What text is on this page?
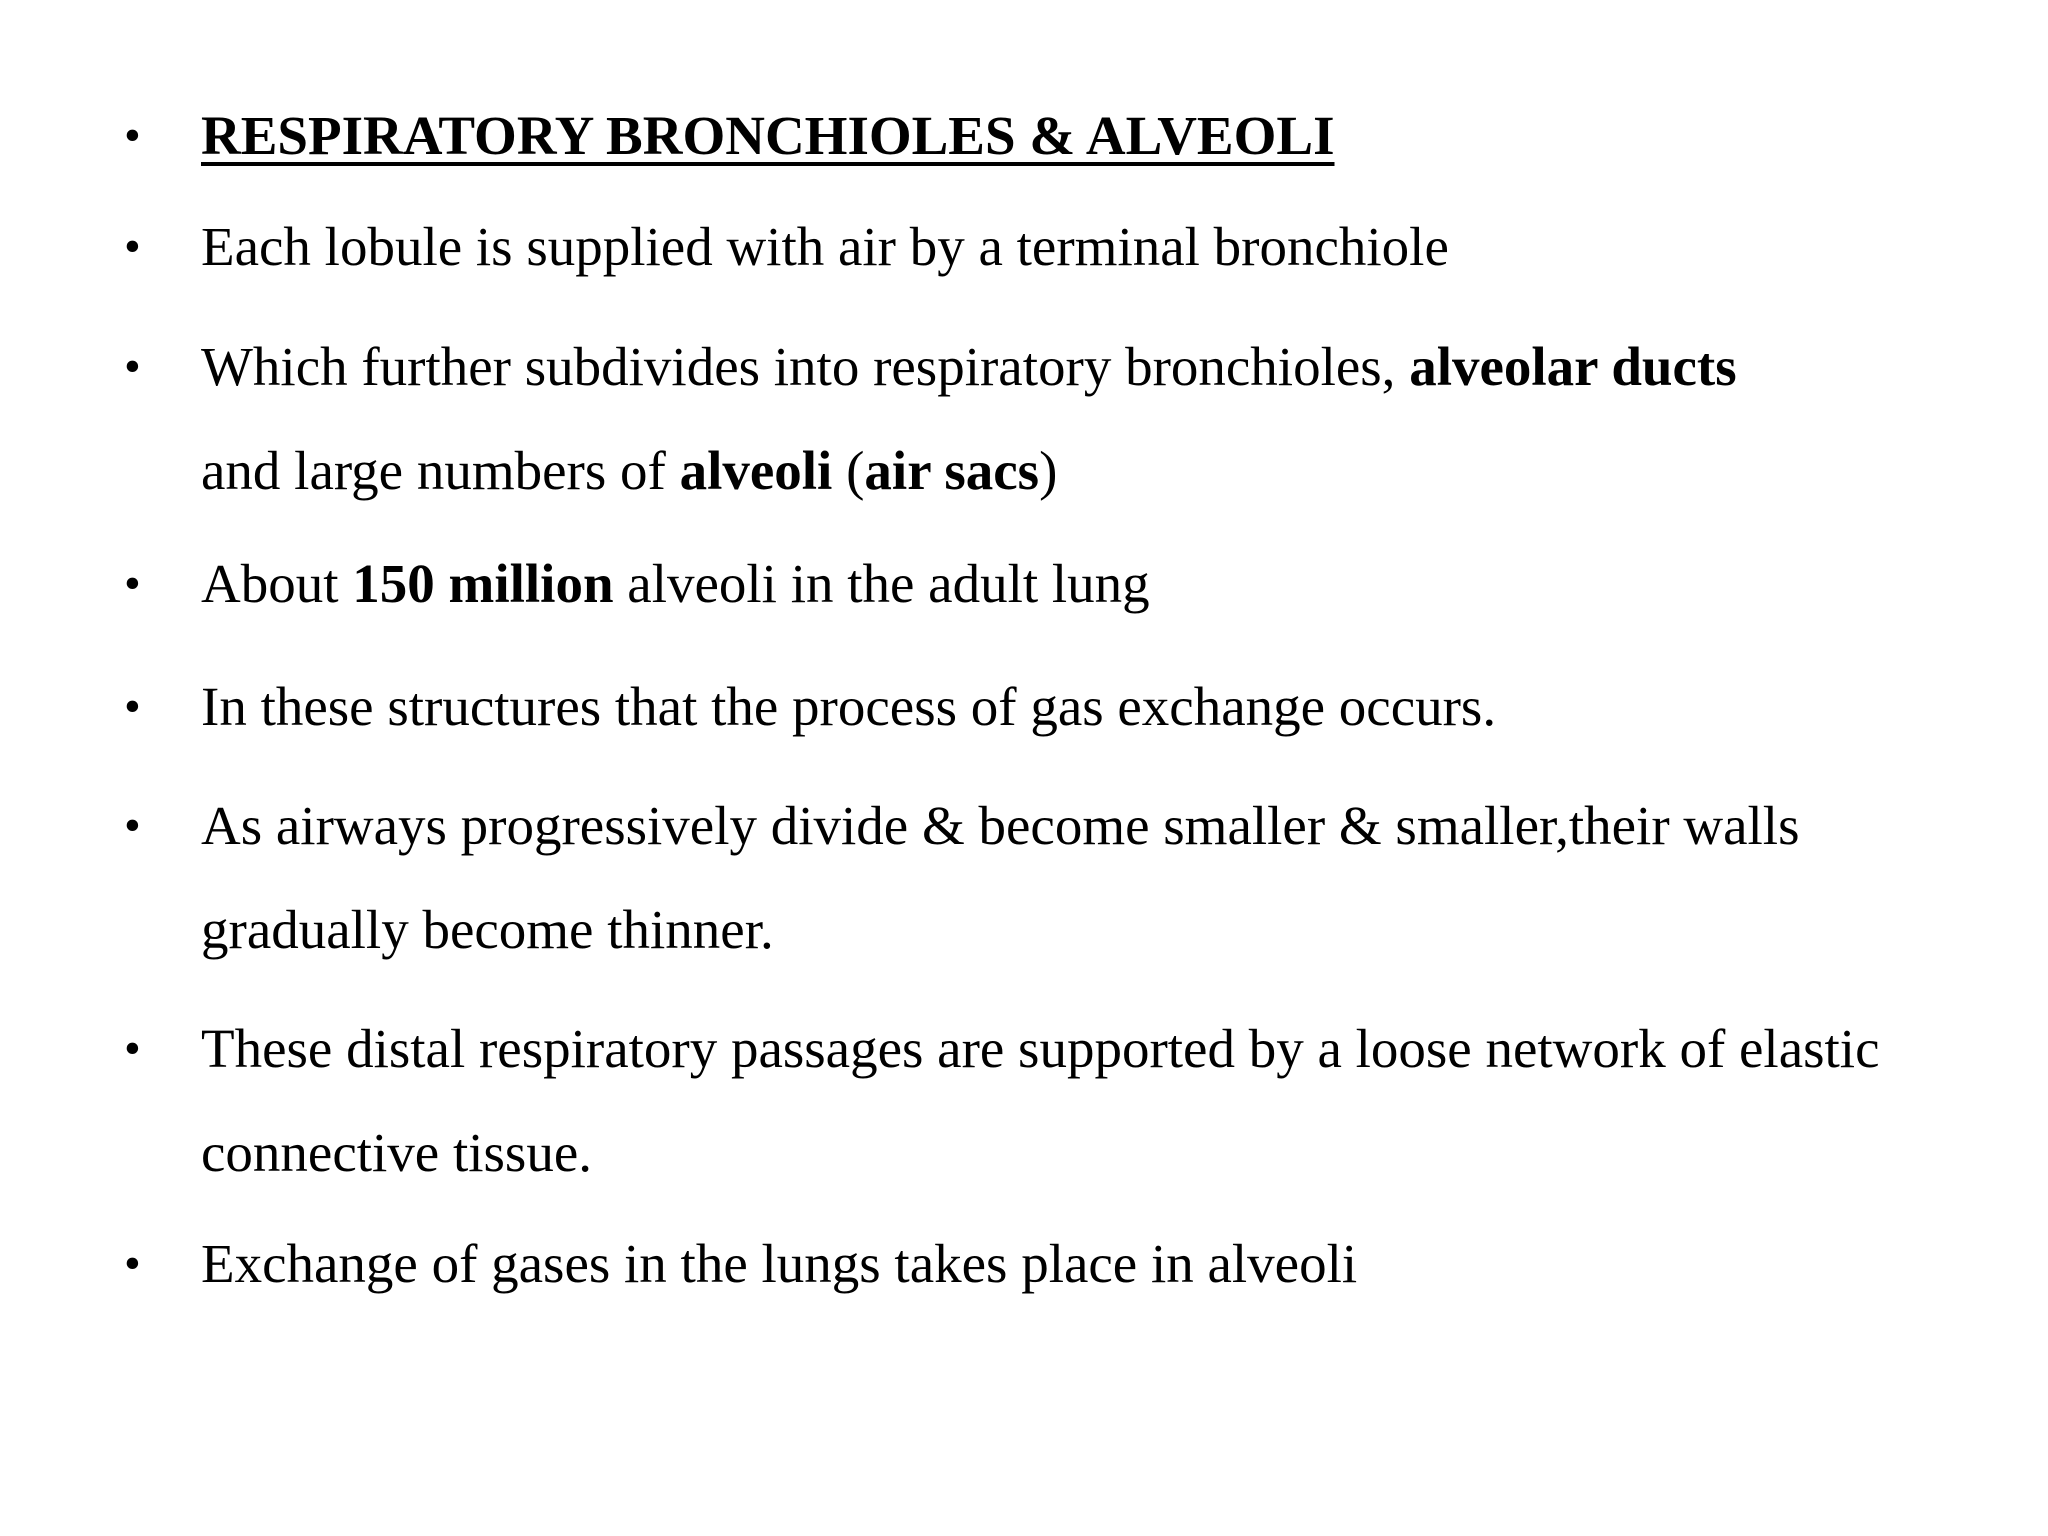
• RESPIRATORY BRONCHIOLES & ALVEOLI
• Each lobule is supplied with air by a terminal bronchiole
• Which further subdivides into respiratory bronchioles, alveolar ducts
and large numbers of alveoli (air sacs)
• About 150 million alveoli in the adult lung
• In these structures that the process of gas exchange occurs.
• As airways progressively divide & become smaller & smaller,their walls
gradually become thinner.
• These distal respiratory passages are supported by a loose network of elastic
connective tissue.
• Exchange of gases in the lungs takes place in alveoli
